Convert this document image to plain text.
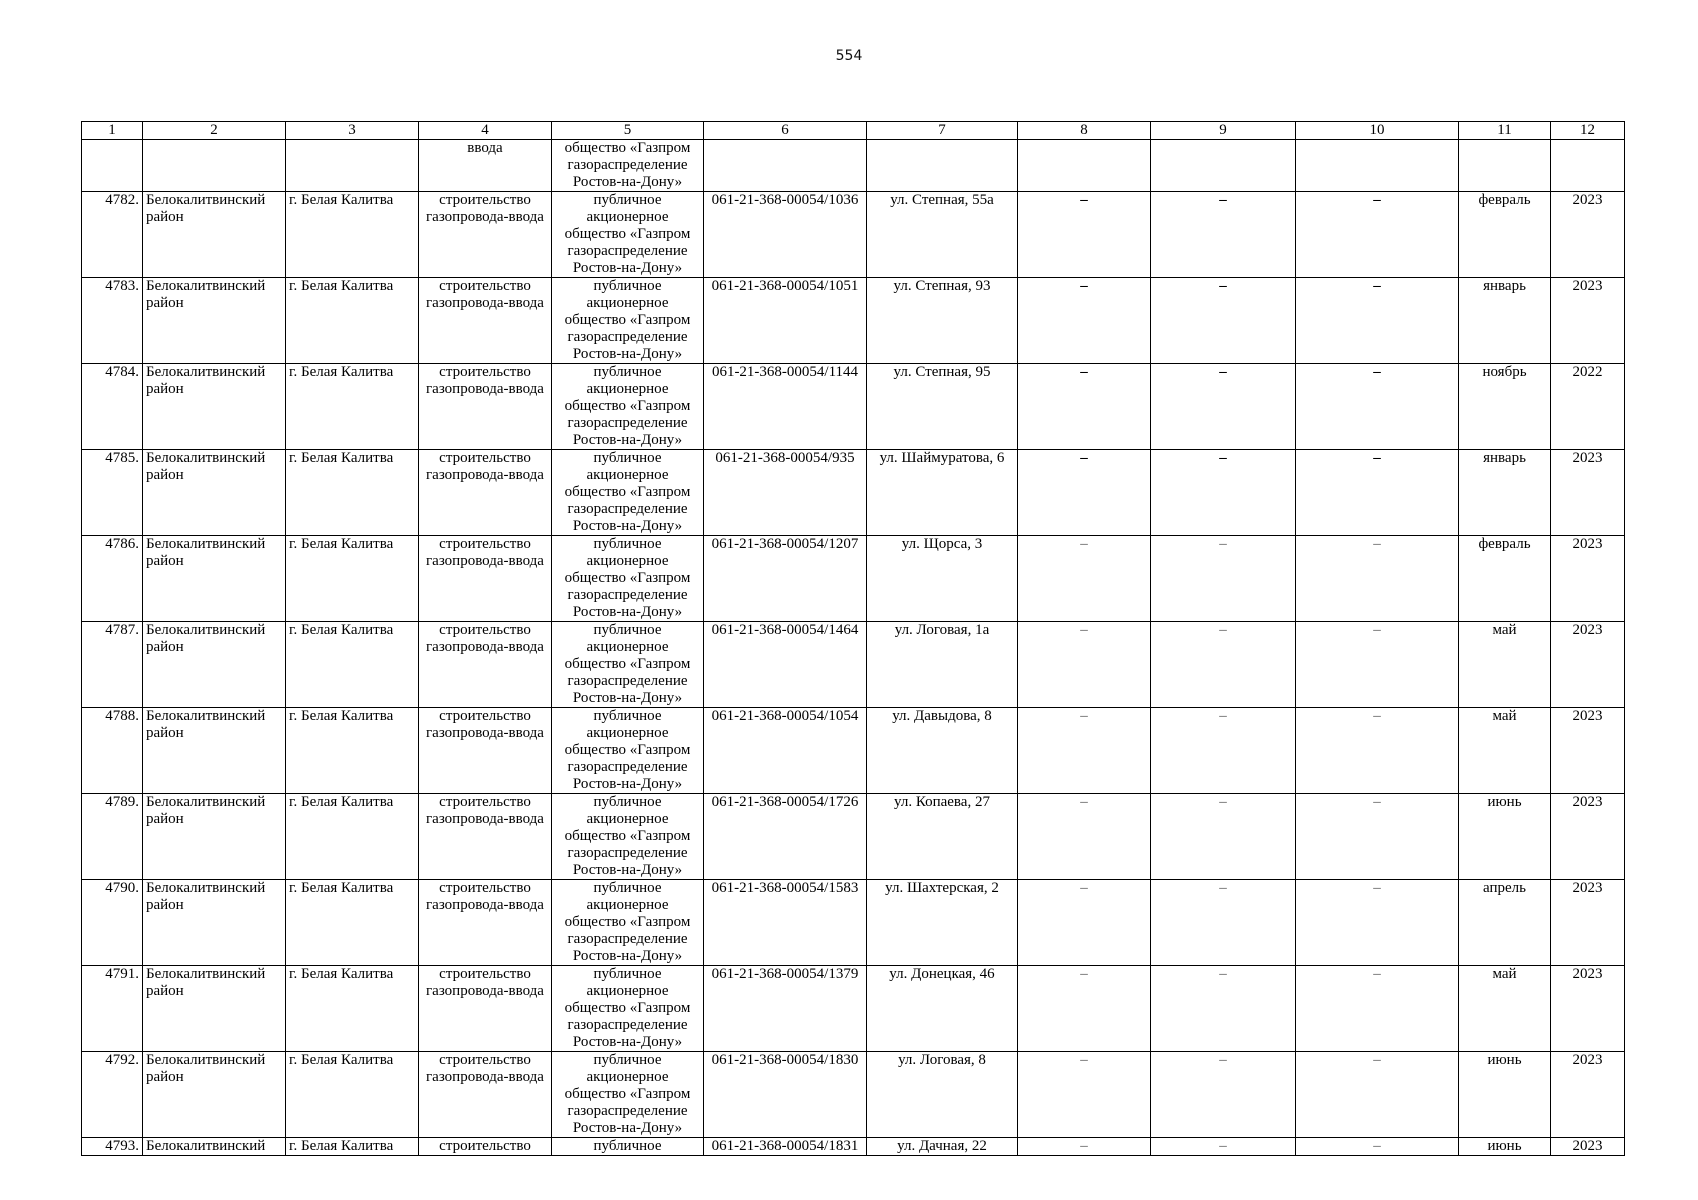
554
1	2	3	4	5	6	7	8	9	10	11	12
			ввода	общество «Газпром газораспределение Ростов-на-Дону»							
4782.	Белокалитвинский район	г. Белая Калитва	строительство газопровода-ввода	публичное акционерное общество «Газпром газораспределение Ростов-на-Дону»	061-21-368-00054/1036	ул. Степная, 55а	–	–	–	февраль	2023
4783.	Белокалитвинский район	г. Белая Калитва	строительство газопровода-ввода	публичное акционерное общество «Газпром газораспределение Ростов-на-Дону»	061-21-368-00054/1051	ул. Степная, 93	–	–	–	январь	2023
4784.	Белокалитвинский район	г. Белая Калитва	строительство газопровода-ввода	публичное акционерное общество «Газпром газораспределение Ростов-на-Дону»	061-21-368-00054/1144	ул. Степная, 95	–	–	–	ноябрь	2022
4785.	Белокалитвинский район	г. Белая Калитва	строительство газопровода-ввода	публичное акционерное общество «Газпром газораспределение Ростов-на-Дону»	061-21-368-00054/935	ул. Шаймуратова, 6	–	–	–	январь	2023
4786.	Белокалитвинский район	г. Белая Калитва	строительство газопровода-ввода	публичное акционерное общество «Газпром газораспределение Ростов-на-Дону»	061-21-368-00054/1207	ул. Щорса, 3	–	–	–	февраль	2023
4787.	Белокалитвинский район	г. Белая Калитва	строительство газопровода-ввода	публичное акционерное общество «Газпром газораспределение Ростов-на-Дону»	061-21-368-00054/1464	ул. Логовая, 1а	–	–	–	май	2023
4788.	Белокалитвинский район	г. Белая Калитва	строительство газопровода-ввода	публичное акционерное общество «Газпром газораспределение Ростов-на-Дону»	061-21-368-00054/1054	ул. Давыдова, 8	–	–	–	май	2023
4789.	Белокалитвинский район	г. Белая Калитва	строительство газопровода-ввода	публичное акционерное общество «Газпром газораспределение Ростов-на-Дону»	061-21-368-00054/1726	ул. Копаева, 27	–	–	–	июнь	2023
4790.	Белокалитвинский район	г. Белая Калитва	строительство газопровода-ввода	публичное акционерное общество «Газпром газораспределение Ростов-на-Дону»	061-21-368-00054/1583	ул. Шахтерская, 2	–	–	–	апрель	2023
4791.	Белокалитвинский район	г. Белая Калитва	строительство газопровода-ввода	публичное акционерное общество «Газпром газораспределение Ростов-на-Дону»	061-21-368-00054/1379	ул. Донецкая, 46	–	–	–	май	2023
4792.	Белокалитвинский район	г. Белая Калитва	строительство газопровода-ввода	публичное акционерное общество «Газпром газораспределение Ростов-на-Дону»	061-21-368-00054/1830	ул. Логовая, 8	–	–	–	июнь	2023
4793.	Белокалитвинский	г. Белая Калитва	строительство	публичное	061-21-368-00054/1831	ул. Дачная, 22	–	–	–	июнь	2023
